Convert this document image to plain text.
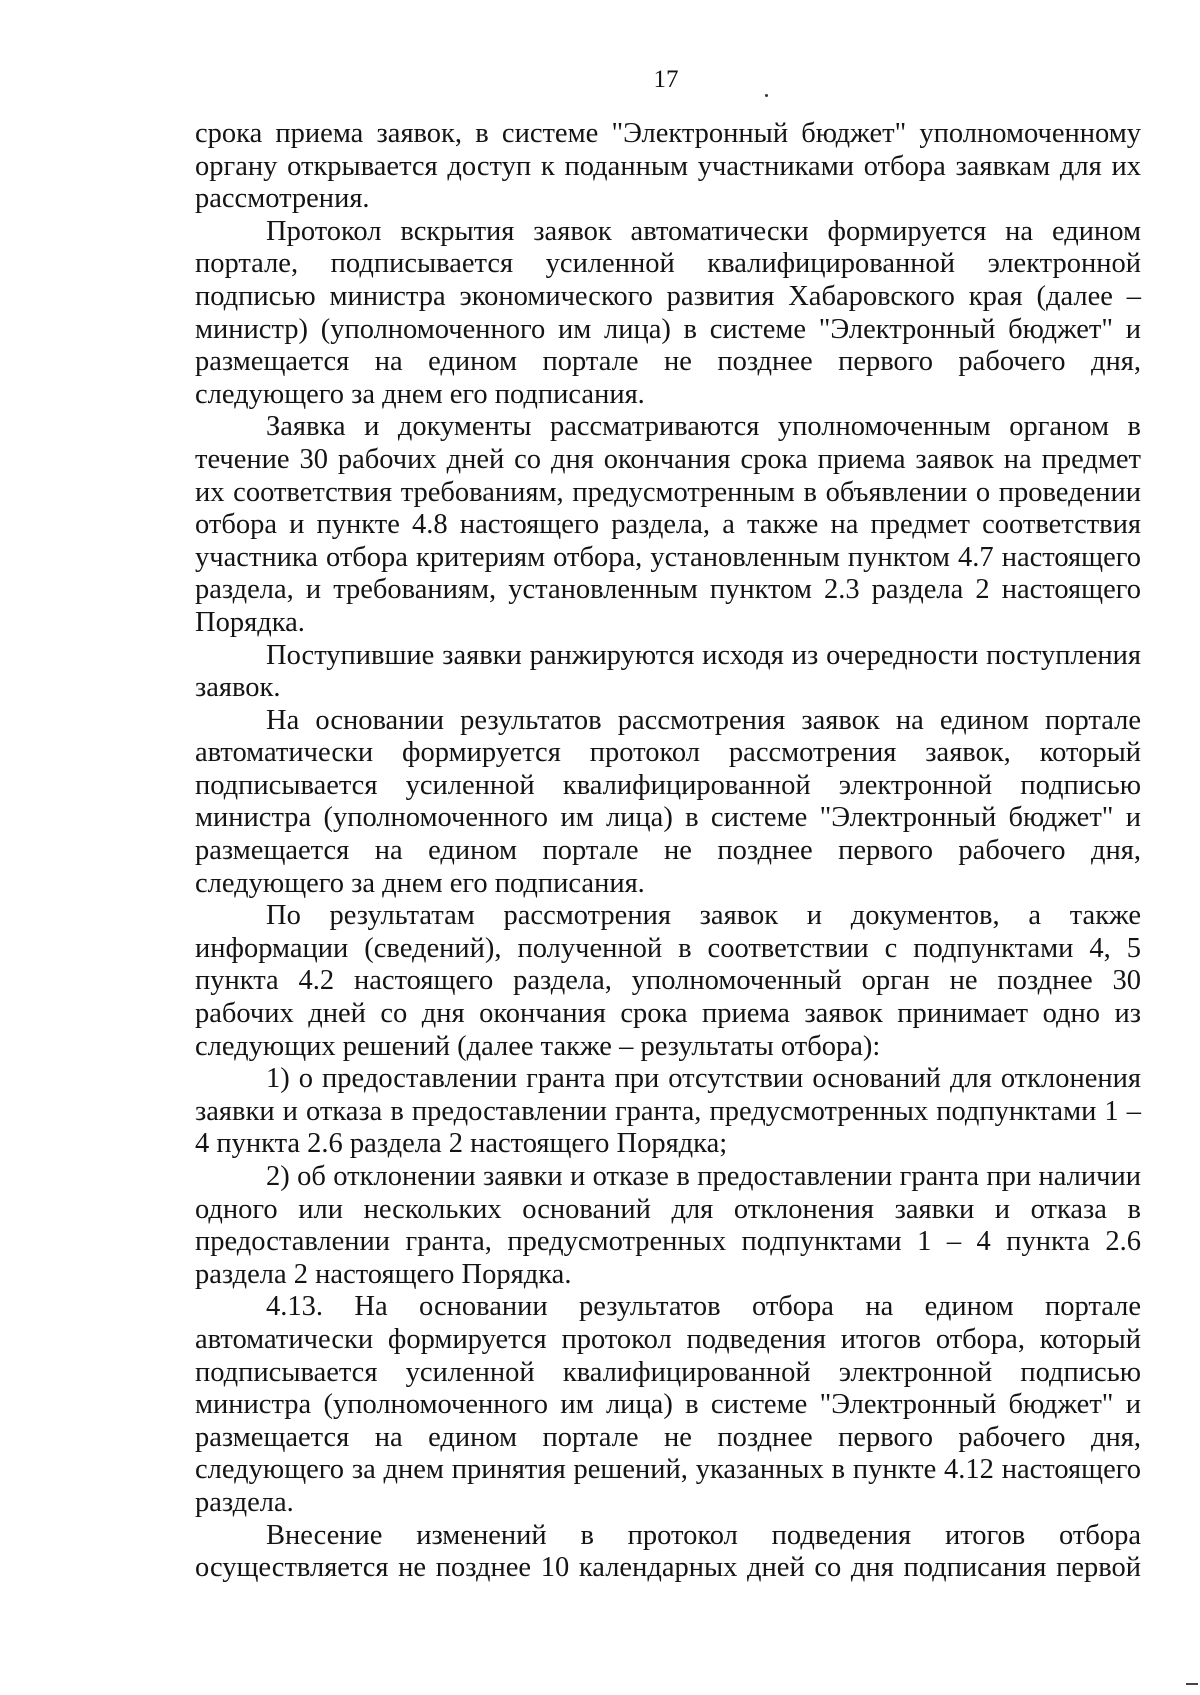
17

срока приема заявок, в системе "Электронный бюджет" уполномоченному органу открывается доступ к поданным участниками отбора заявкам для их рассмотрения.

Протокол вскрытия заявок автоматически формируется на едином портале, подписывается усиленной квалифицированной электронной подписью министра экономического развития Хабаровского края (далее – министр) (уполномоченного им лица) в системе "Электронный бюджет" и размещается на едином портале не позднее первого рабочего дня, следующего за днем его подписания.

Заявка и документы рассматриваются уполномоченным органом в течение 30 рабочих дней со дня окончания срока приема заявок на предмет их соответствия требованиям, предусмотренным в объявлении о проведении отбора и пункте 4.8 настоящего раздела, а также на предмет соответствия участника отбора критериям отбора, установленным пунктом 4.7 настоящего раздела, и требованиям, установленным пунктом 2.3 раздела 2 настоящего Порядка.

Поступившие заявки ранжируются исходя из очередности поступления заявок.

На основании результатов рассмотрения заявок на едином портале автоматически формируется протокол рассмотрения заявок, который подписывается усиленной квалифицированной электронной подписью министра (уполномоченного им лица) в системе "Электронный бюджет" и размещается на едином портале не позднее первого рабочего дня, следующего за днем его подписания.

По результатам рассмотрения заявок и документов, а также информации (сведений), полученной в соответствии с подпунктами 4, 5 пункта 4.2 настоящего раздела, уполномоченный орган не позднее 30 рабочих дней со дня окончания срока приема заявок принимает одно из следующих решений (далее также – результаты отбора):

1) о предоставлении гранта при отсутствии оснований для отклонения заявки и отказа в предоставлении гранта, предусмотренных подпунктами 1 – 4 пункта 2.6 раздела 2 настоящего Порядка;

2) об отклонении заявки и отказе в предоставлении гранта при наличии одного или нескольких оснований для отклонения заявки и отказа в предоставлении гранта, предусмотренных подпунктами 1 – 4 пункта 2.6 раздела 2 настоящего Порядка.

4.13. На основании результатов отбора на едином портале автоматически формируется протокол подведения итогов отбора, который подписывается усиленной квалифицированной электронной подписью министра (уполномоченного им лица) в системе "Электронный бюджет" и размещается на едином портале не позднее первого рабочего дня, следующего за днем принятия решений, указанных в пункте 4.12 настоящего раздела.

Внесение изменений в протокол подведения итогов отбора осуществляется не позднее 10 календарных дней со дня подписания первой
